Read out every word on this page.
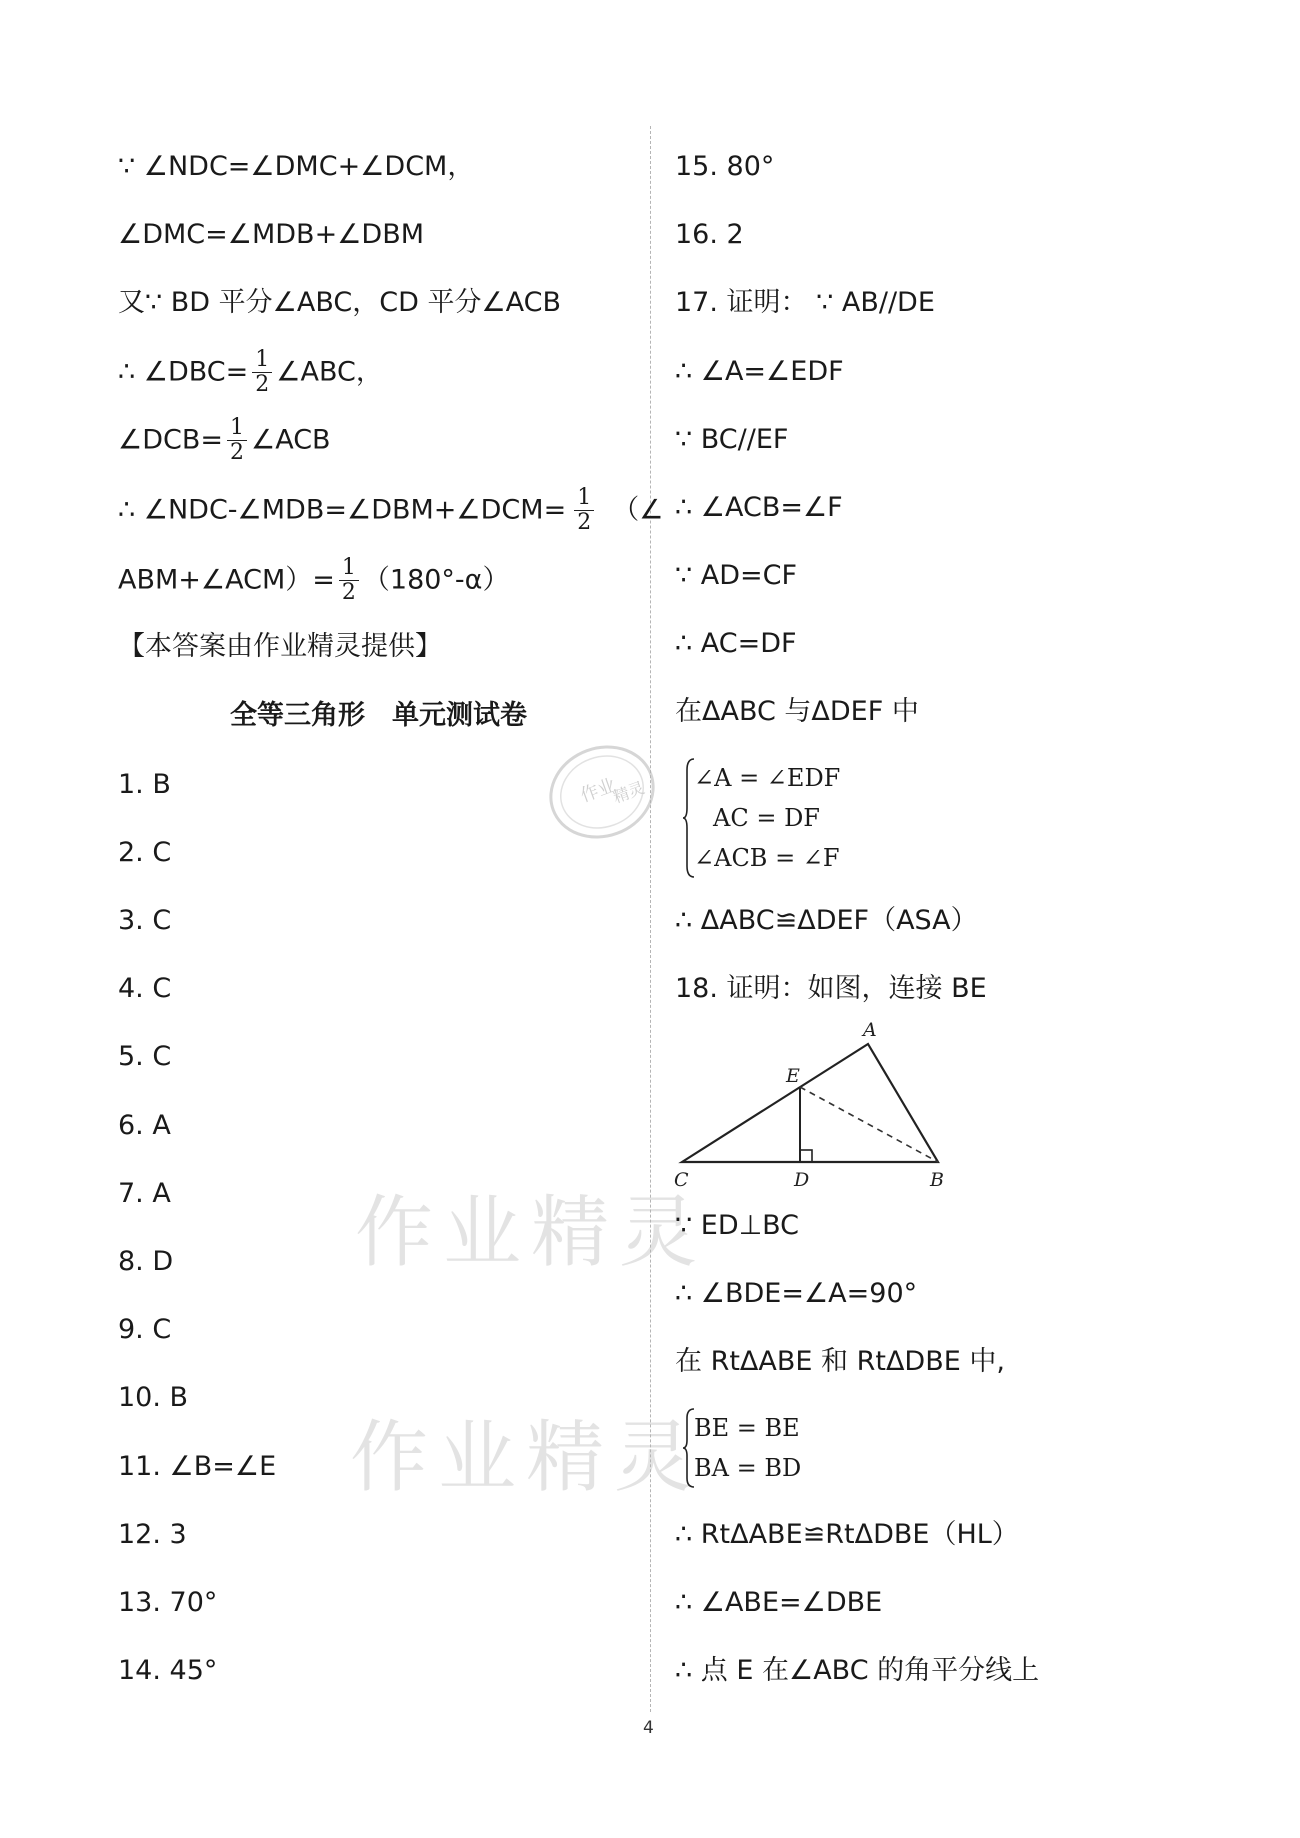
作业精灵
作业精灵
作业
精灵
∵ ∠NDC=∠DMC+∠DCM，
∠DMC=∠MDB+∠DBM
又∵ BD 平分∠ABC，CD 平分∠ACB
∴ ∠DBC= $\frac{1}{2}$ ∠ABC，
∠DCB= $\frac{1}{2}$ ∠ACB
∴ ∠NDC-∠MDB=∠DBM+∠DCM= $\frac{1}{2}$ （∠
ABM+∠ACM）= $\frac{1}{2} (180^\circ-\alpha)$
【本答案由作业精灵提供】
全等三角形　单元测试卷
1. B
2. C
3. C
4. C
5. C
6. A
7. A
8. D
9. C
10. B
11. ∠B=∠E
12. 3
13. 70°
14. 45°
15. 80°
16. 2
17. 证明： ∵ AB//DE
∴ ∠A=∠EDF
∵ BC//EF
∴ ∠ACB=∠F
∵ AD=CF
∴ AC=DF
在ΔABC 与ΔDEF 中
∠A = ∠EDF
AC = DF
∠ACB = ∠F
∴ ΔABC≌ΔDEF（ASA）
18. 证明：如图，连接 BE
A
E
C	D	B
∵ ED⊥BC
∴ ∠BDE=∠A=90°
在 RtΔABE 和 RtΔDBE 中,
BE = BE
BA = BD
∴ RtΔABE≌RtΔDBE（HL）
∴ ∠ABE=∠DBE
∴ 点 E 在∠ABC 的角平分线上
4
